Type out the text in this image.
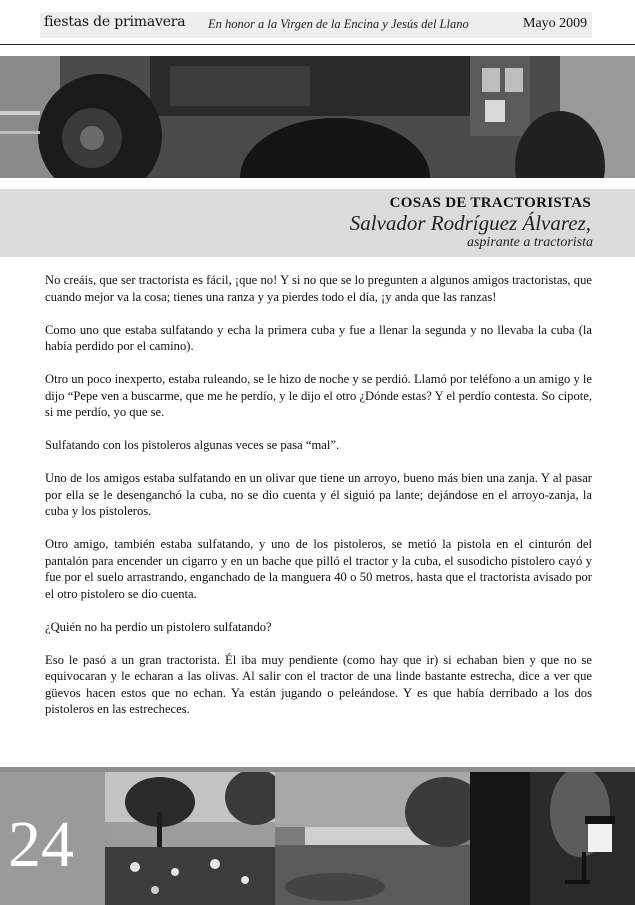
fiestas de primavera En honor a la Virgen de la Encina y Jesús del Llano	Mayo 2009
COSAS DE TRACTORISTAS
Salvador Rodríguez Álvarez,
aspirante a tractorista

No creáis, que ser tractorista es fácil, ¡que no! Y si no que se lo pregunten a algunos amigos tractoristas, que cuando mejor va la cosa; tienes una ranza y ya pierdes todo el día, ¡y anda que las ranzas!

Como uno que estaba sulfatando y echa la primera cuba y fue a llenar la segunda y no llevaba la cuba (la había perdido por el camino).

Otro un poco inexperto, estaba ruleando, se le hizo de noche y se perdió. Llamó por teléfono a un amigo y le dijo “Pepe ven a buscarme, que me he perdío, y le dijo el otro ¿Dónde estas? Y el perdío contesta. So cipote, si me perdío, yo que se.

Sulfatando con los pistoleros algunas veces se pasa “mal”.

Uno de los amigos estaba sulfatando en un olivar que tiene un arroyo, bueno más bien una zanja. Y al pasar por ella se le desenganchó la cuba, no se dio cuenta y él siguió pa lante; dejándose en el arroyo-zanja, la cuba y los pistoleros.

Otro amigo, también estaba sulfatando, y uno de los pistoleros, se metió la pistola en el cinturón del pantalón para encender un cigarro y en un bache que pilló el tractor y la cuba, el susodicho pistolero cayó y fue por el suelo arrastrando, enganchado de la manguera 40 o 50 metros, hasta que el tractorista avisado por el otro pistolero se dio cuenta.

¿Quién no ha perdío un pistolero sulfatando?

Eso le pasó a un gran tractorista. Él iba muy pendiente (como hay que ir) si echaban bien y que no se equivocaran y le echaran a las olivas. Al salir con el tractor de una linde bastante estrecha, dice a ver que güevos hacen estos que no echan. Ya están jugando o peleándose. Y es que había derribado a los dos pistoleros en las estrecheces.

24
